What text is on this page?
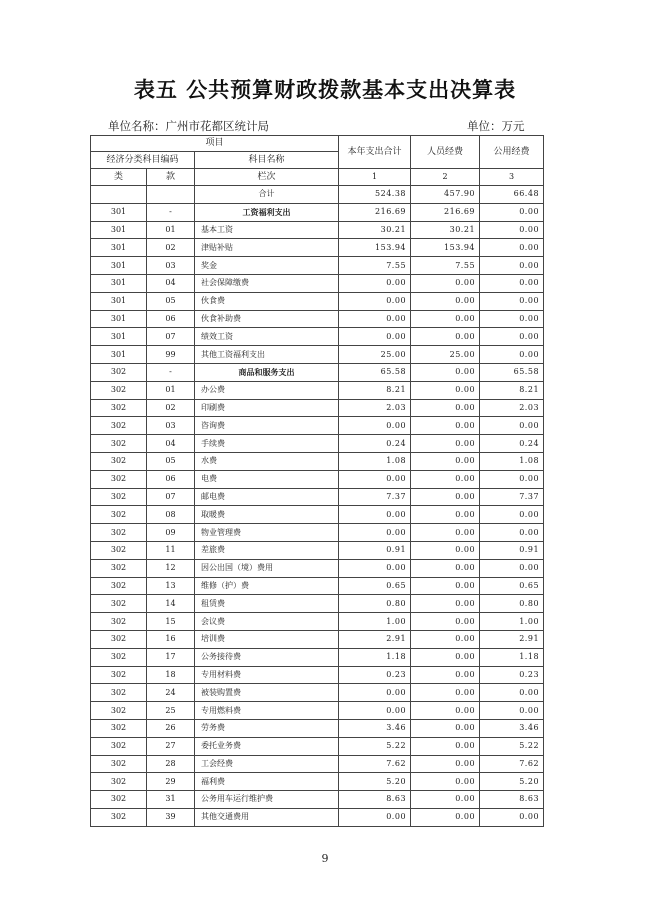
表五 公共预算财政拨款基本支出决算表
单位名称：广州市花都区统计局	单位：万元
项目			本年支出合计	人员经费	公用经费
经济分类科目编码		科目名称			
类	款	栏次	1	2	3
		合计	524.38	457.90	66.48
301	-	工资福利支出	216.69	216.69	0.00
301	01	基本工资	30.21	30.21	0.00
301	02	津贴补贴	153.94	153.94	0.00
301	03	奖金	7.55	7.55	0.00
301	04	社会保障缴费	0.00	0.00	0.00
301	05	伙食费	0.00	0.00	0.00
301	06	伙食补助费	0.00	0.00	0.00
301	07	绩效工资	0.00	0.00	0.00
301	99	其他工资福利支出	25.00	25.00	0.00
302	-	商品和服务支出	65.58	0.00	65.58
302	01	办公费	8.21	0.00	8.21
302	02	印刷费	2.03	0.00	2.03
302	03	咨询费	0.00	0.00	0.00
302	04	手续费	0.24	0.00	0.24
302	05	水费	1.08	0.00	1.08
302	06	电费	0.00	0.00	0.00
302	07	邮电费	7.37	0.00	7.37
302	08	取暖费	0.00	0.00	0.00
302	09	物业管理费	0.00	0.00	0.00
302	11	差旅费	0.91	0.00	0.91
302	12	因公出国（境）费用	0.00	0.00	0.00
302	13	维修（护）费	0.65	0.00	0.65
302	14	租赁费	0.80	0.00	0.80
302	15	会议费	1.00	0.00	1.00
302	16	培训费	2.91	0.00	2.91
302	17	公务接待费	1.18	0.00	1.18
302	18	专用材料费	0.23	0.00	0.23
302	24	被装购置费	0.00	0.00	0.00
302	25	专用燃料费	0.00	0.00	0.00
302	26	劳务费	3.46	0.00	3.46
302	27	委托业务费	5.22	0.00	5.22
302	28	工会经费	7.62	0.00	7.62
302	29	福利费	5.20	0.00	5.20
302	31	公务用车运行维护费	8.63	0.00	8.63
302	39	其他交通费用	0.00	0.00	0.00
9
